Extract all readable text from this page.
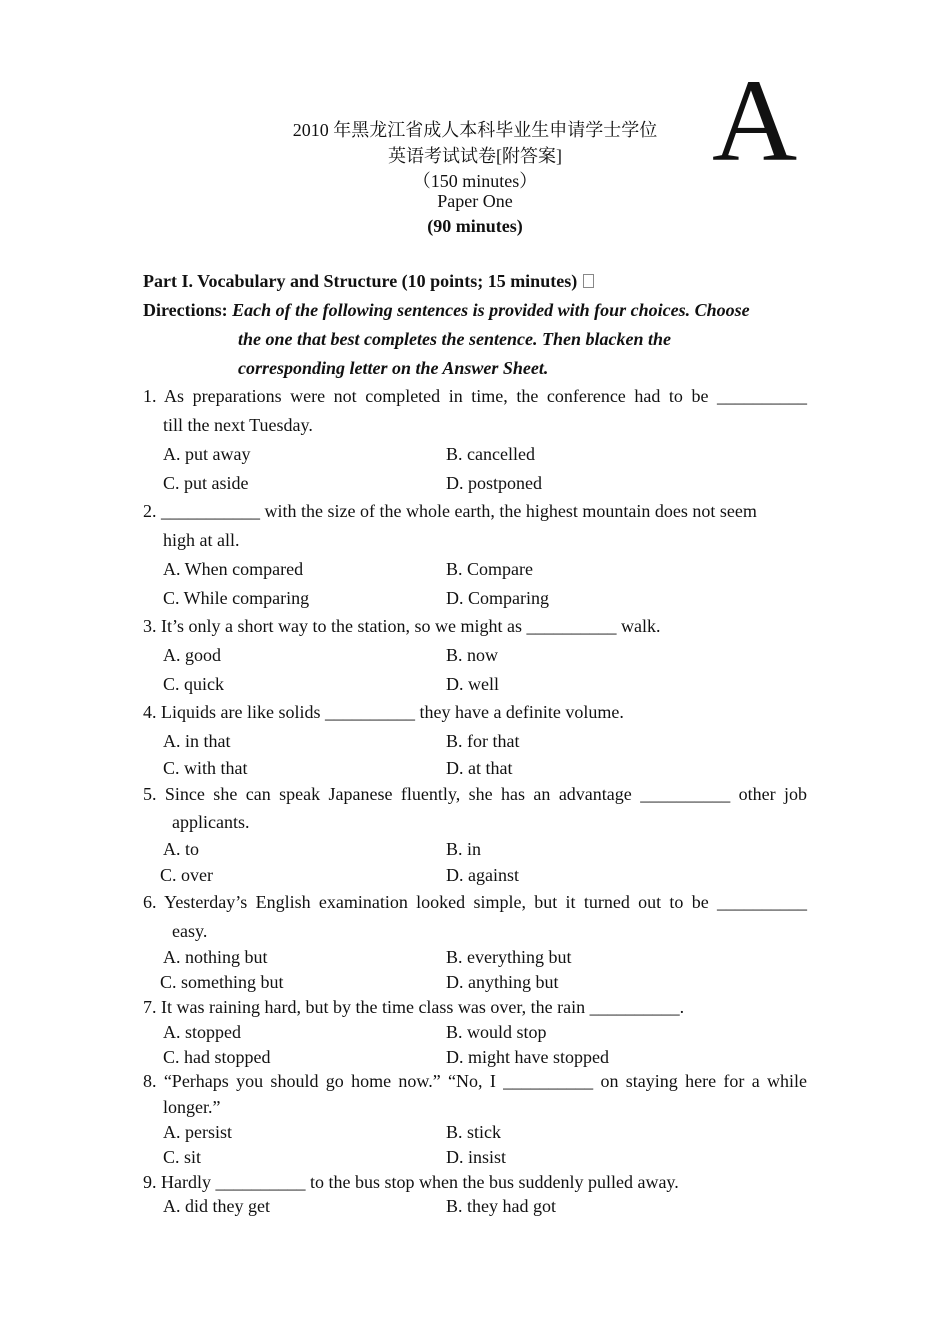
2010 年黑龙江省成人本科毕业生申请学士学位
英语考试试卷[附答案]
（150 minutes）
Paper One
(90 minutes)
A
Part I. Vocabulary and Structure (10 points; 15 minutes)
Directions: Each of the following sentences is provided with four choices. Choose
the one that best completes the sentence. Then blacken the
corresponding letter on the Answer Sheet.
1. As preparations were not completed in time, the conference had to be __________
till the next Tuesday.
A. put away	B. cancelled
C. put aside	D. postponed
2. ___________ with the size of the whole earth, the highest mountain does not seem
high at all.
A. When compared	B. Compare
C. While comparing	D. Comparing
3. It’s only a short way to the station, so we might as __________ walk.
A. good	B. now
C. quick	D. well
4. Liquids are like solids __________ they have a definite volume.
A. in that	B. for that
C. with that	D. at that
5. Since she can speak Japanese fluently, she has an advantage __________ other job
applicants.
A. to	B. in
C. over	D. against
6. Yesterday’s English examination looked simple, but it turned out to be __________
easy.
A. nothing but	B. everything but
C. something but	D. anything but
7. It was raining hard, but by the time class was over, the rain __________.
A. stopped	B. would stop
C. had stopped	D. might have stopped
8. “Perhaps you should go home now.” “No, I __________ on staying here for a while
longer.”
A. persist	B. stick
C. sit	D. insist
9. Hardly __________ to the bus stop when the bus suddenly pulled away.
A. did they get	B. they had got
